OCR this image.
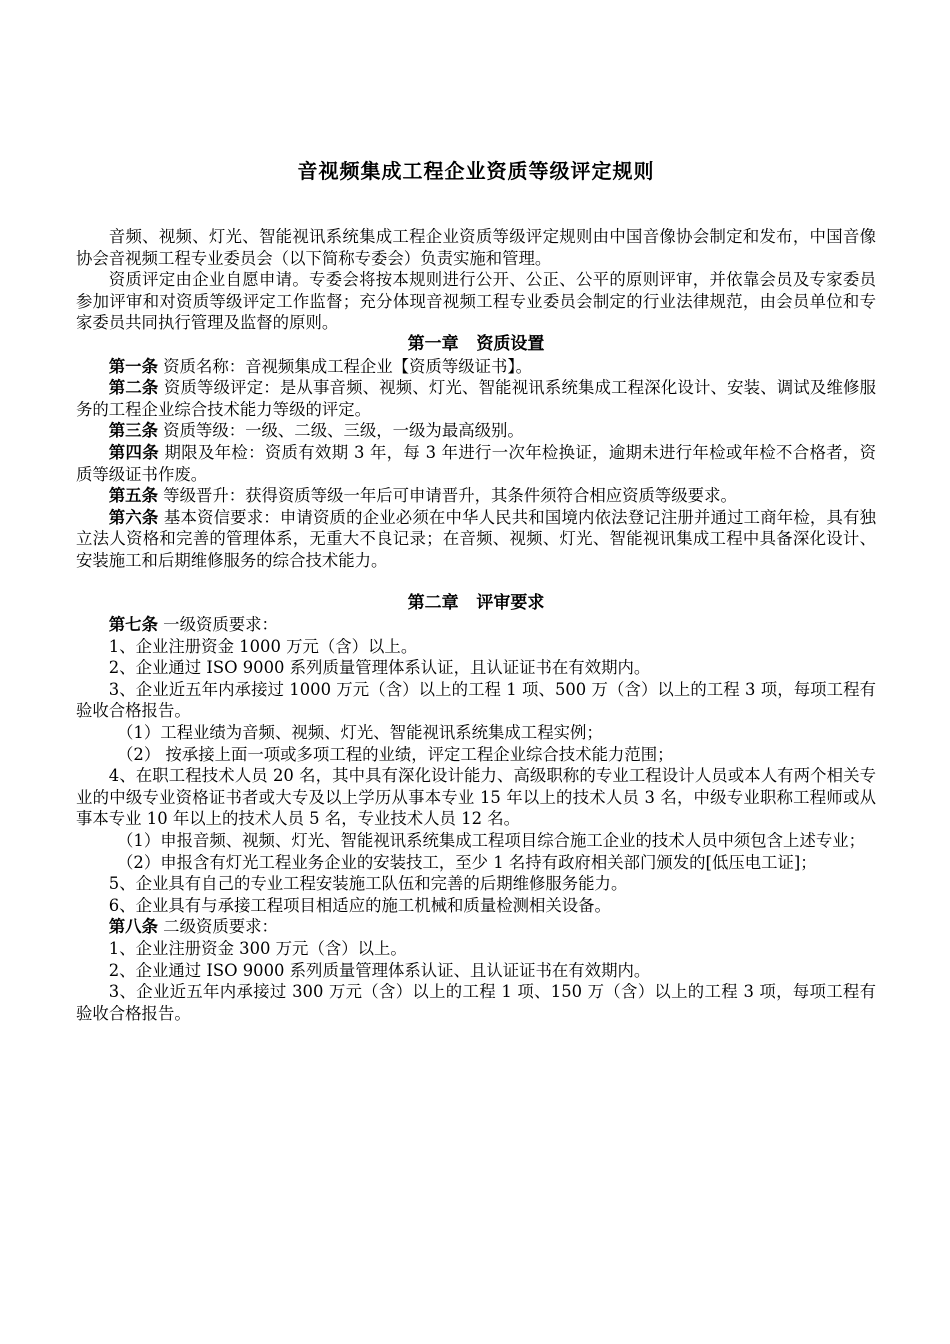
音视频集成工程企业资质等级评定规则

音频、视频、灯光、智能视讯系统集成工程企业资质等级评定规则由中国音像协会制定和发布，中国音像协会音视频工程专业委员会（以下简称专委会）负责实施和管理。

资质评定由企业自愿申请。专委会将按本规则进行公开、公正、公平的原则评审，并依靠会员及专家委员参加评审和对资质等级评定工作监督；充分体现音视频工程专业委员会制定的行业法律规范，由会员单位和专家委员共同执行管理及监督的原则。

第一章   资质设置

第一条 资质名称：音视频集成工程企业【资质等级证书】。

第二条 资质等级评定：是从事音频、视频、灯光、智能视讯系统集成工程深化设计、安装、调试及维修服务的工程企业综合技术能力等级的评定。

第三条 资质等级：一级、二级、三级，一级为最高级别。

第四条 期限及年检：资质有效期 3 年，每 3 年进行一次年检换证，逾期未进行年检或年检不合格者，资质等级证书作废。

第五条 等级晋升：获得资质等级一年后可申请晋升，其条件须符合相应资质等级要求。

第六条 基本资信要求：申请资质的企业必须在中华人民共和国境内依法登记注册并通过工商年检，具有独立法人资格和完善的管理体系，无重大不良记录；在音频、视频、灯光、智能视讯集成工程中具备深化设计、安装施工和后期维修服务的综合技术能力。

第二章   评审要求

第七条 一级资质要求：

1、企业注册资金 1000 万元（含）以上。

2、企业通过 ISO 9000 系列质量管理体系认证，且认证证书在有效期内。

3、企业近五年内承接过 1000 万元（含）以上的工程 1 项、500 万（含）以上的工程 3 项，每项工程有验收合格报告。

（1）工程业绩为音频、视频、灯光、智能视讯系统集成工程实例；

（2） 按承接上面一项或多项工程的业绩，评定工程企业综合技术能力范围；

4、在职工程技术人员 20 名，其中具有深化设计能力、高级职称的专业工程设计人员或本人有两个相关专业的中级专业资格证书者或大专及以上学历从事本专业 15 年以上的技术人员 3 名，中级专业职称工程师或从事本专业 10 年以上的技术人员 5 名，专业技术人员 12 名。

（1）申报音频、视频、灯光、智能视讯系统集成工程项目综合施工企业的技术人员中须包含上述专业；

（2）申报含有灯光工程业务企业的安装技工，至少 1 名持有政府相关部门颁发的[低压电工证]；

5、企业具有自己的专业工程安装施工队伍和完善的后期维修服务能力。

6、企业具有与承接工程项目相适应的施工机械和质量检测相关设备。

第八条 二级资质要求：

1、企业注册资金 300 万元（含）以上。

2、企业通过 ISO 9000 系列质量管理体系认证、且认证证书在有效期内。

3、企业近五年内承接过 300 万元（含）以上的工程 1 项、150 万（含）以上的工程 3 项，每项工程有验收合格报告。
